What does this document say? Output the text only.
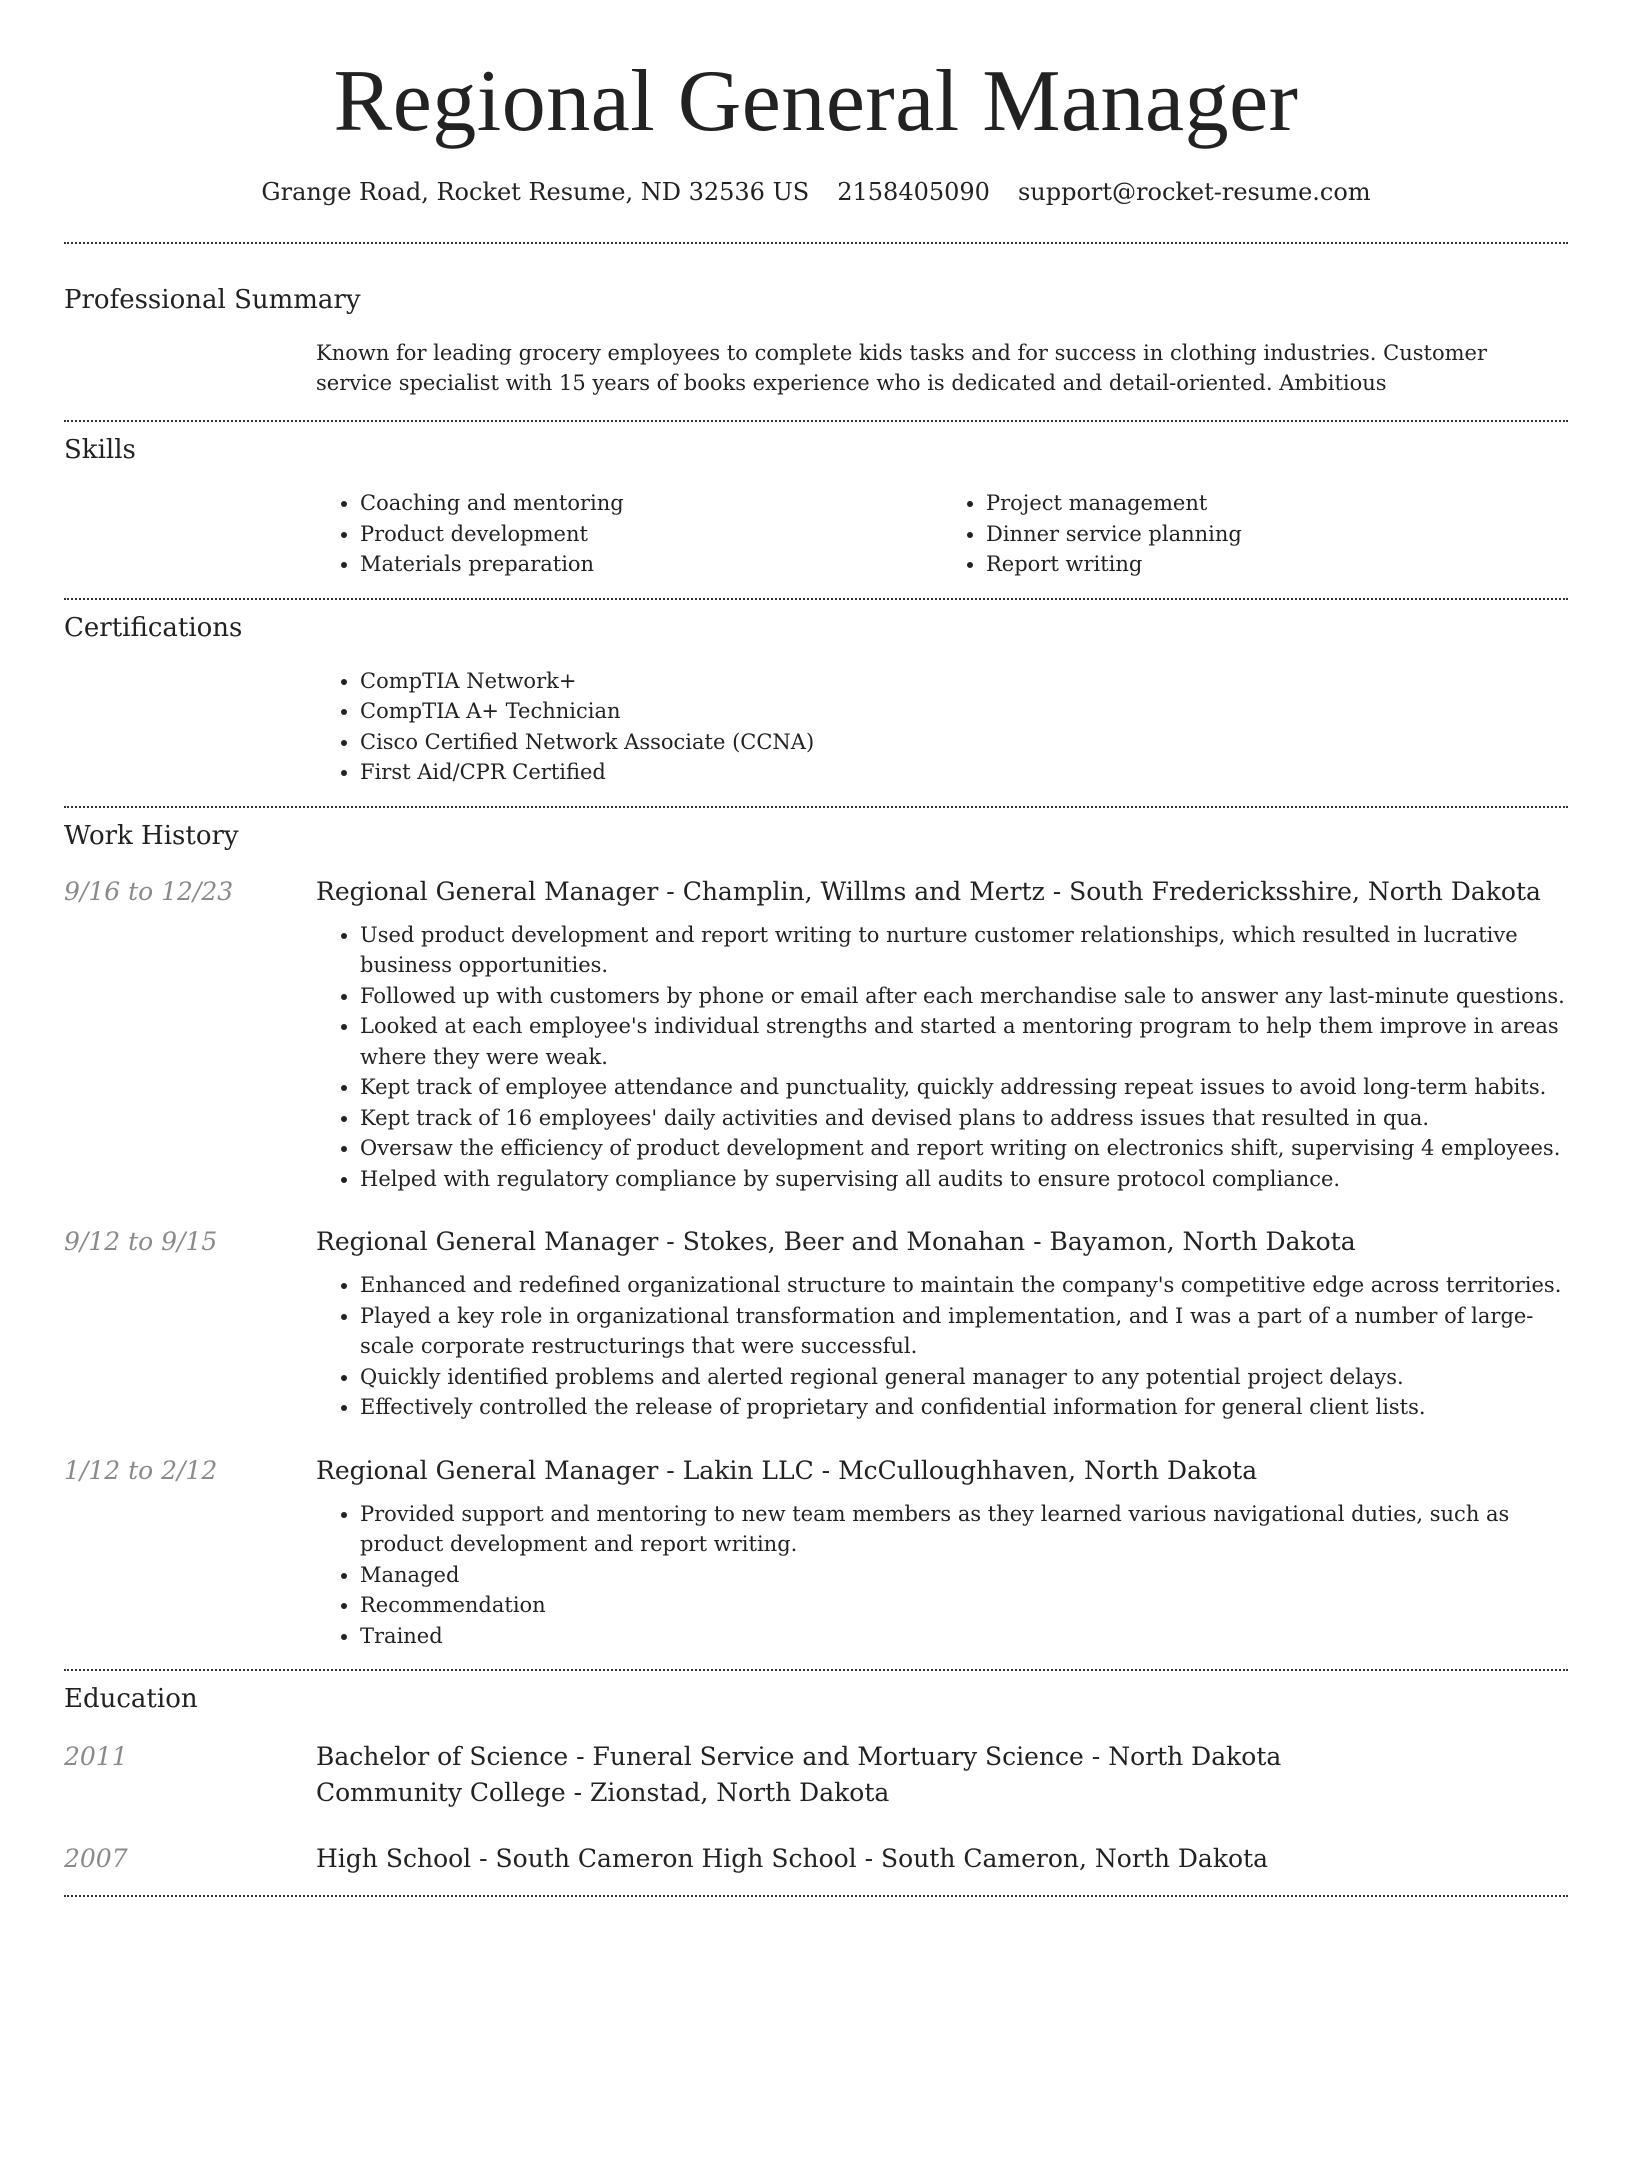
Regional General Manager
Grange Road, Rocket Resume, ND 32536 US 2158405090 support@rocket-resume.com
Professional Summary

Known for leading grocery employees to complete kids tasks and for success in clothing industries. Customer service specialist with 15 years of books experience who is dedicated and detail-oriented. Ambitious

Skills
• Coaching and mentoring
• Product development
• Materials preparation
• Project management
• Dinner service planning
• Report writing
Certifications
• CompTIA Network+
• CompTIA A+ Technician
• Cisco Certified Network Associate (CCNA)
• First Aid/CPR Certified
Work History
9/16 to 12/23	Regional General Manager - Champlin, Willms and Mertz - South Fredericksshire, North Dakota
• Used product development and report writing to nurture customer relationships, which resulted in lucrative business opportunities.
• Followed up with customers by phone or email after each merchandise sale to answer any last-minute questions.
• Looked at each employee's individual strengths and started a mentoring program to help them improve in areas where they were weak.
• Kept track of employee attendance and punctuality, quickly addressing repeat issues to avoid long-term habits.
• Kept track of 16 employees' daily activities and devised plans to address issues that resulted in qua.
• Oversaw the efficiency of product development and report writing on electronics shift, supervising 4 employees.
• Helped with regulatory compliance by supervising all audits to ensure protocol compliance.
9/12 to 9/15	Regional General Manager - Stokes, Beer and Monahan - Bayamon, North Dakota
• Enhanced and redefined organizational structure to maintain the company's competitive edge across territories.
• Played a key role in organizational transformation and implementation, and I was a part of a number of large-scale corporate restructurings that were successful.
• Quickly identified problems and alerted regional general manager to any potential project delays.
• Effectively controlled the release of proprietary and confidential information for general client lists.
1/12 to 2/12	Regional General Manager - Lakin LLC - McCulloughhaven, North Dakota
• Provided support and mentoring to new team members as they learned various navigational duties, such as product development and report writing.
• Managed
• Recommendation
• Trained
Education
2011	Bachelor of Science - Funeral Service and Mortuary Science - North Dakota Community College - Zionstad, North Dakota
2007	High School - South Cameron High School - South Cameron, North Dakota
